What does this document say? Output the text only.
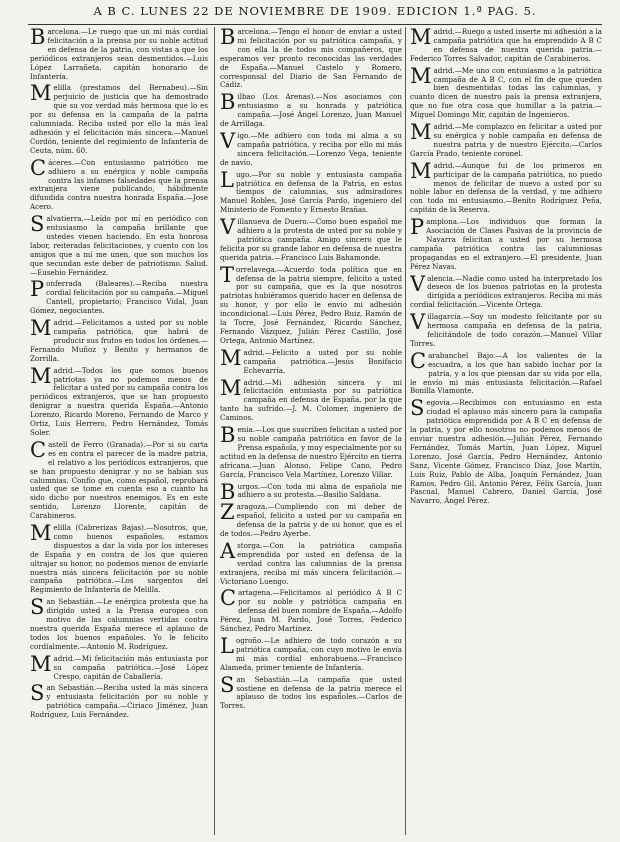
A B C. LUNES 22 DE NOVIEMBRE DE 1909. EDICION 1.ª PAG. 5.
Barcelona.—Le ruego que un mi más cordial felicitación a la prensa por su noble actitud en defensa de la patria, con vistas a que los periódicos extranjeros sean desmentidos.—Luis López Larrañeta, capitán honorario de Infantería.
Melilla (prestamos del Bernabeu).—Sin perjuicio de justicia que ha demostrado que su voz verdad más hermosa que lo es por su defensa en la campaña de la patria calumniada. Reciba usted por ello la más leal adhesión y el felicitación más sincera.—Manuel Cordón, teniente del regimiento de Infantería de Ceuta, núm. 60.
Cáceres.—Con entusiasmo patriótico me adhiero a su enérgica y noble campaña contra las infames falsedades que la prensa extranjera viene publicando, hábilmente difundida contra nuestra honrada España.—Jose Acero.
Salvatierra.—Leído por mí en periódico con entusiasmo la campaña brillante que ustedes vienen haciendo. En esta honrosa labor, reiteradas felicitaciones, y cuento con los amigos que a mí me unen, que son muchos los que secundan este deber de patriotismo. Salud.—Eusebio Fernández.
Ponferrada (Baleares).—Reciba nuestra cordial felicitación por su campaña.—Miguel Cantell, propietario; Francisco Vidal, Juan Gómez, negociantes.
Madrid.—Felicitamos a usted por su noble campaña patriótica, que habrá de producir sus frutos en todos los órdenes.—Fernando Muñoz y Benito y hermanos de Zorrilla.
Madrid.—Todos los que somos buenos patriotas ya no podemos menos de felicitar a usted por su campaña contra los periódicos extranjeros, que se han propuesto denigrar a nuestra querida España.—Antonio Lorenzo, Ricardo Moreno, Fernando de Marco y Ortiz, Luis Herrero, Pedro Hernández, Tomás Soler.
Castell de Ferro (Granada).—Por si su carta es en contra el parecer de la madre patria, el relativo a los periódicos extranjeros, que se han propuesto denigrar y no se habían sus calumnias. Confío que, como español, reprobará usted que se tome en cuenta eso a cuanto ha sido dicho por nuestros enemigos. Es en este sentido, Lorenzo Llorente, capitán de Carabineros.
Melilla (Cabrerizas Bajas).—Nosotros, que, como buenos españoles, estamos dispuestos a dar la vida por los intereses de España y en contra de los que quieren ultrajar su honor, no podemos menos de enviarle nuestra más sincera felicitación por su noble campaña patriótica.—Los sargentos del Regimiento de Infantería de Melilla.
San Sebastián.—Le enérgica protesta que ha dirigido usted a la Prensa europea con motivo de las calumnias vertidas contra nuestra querida España merece el aplauso de todos los buenos españoles. Yo le felicito cordialmente.—Antonio M. Rodríguez.
Madrid.—Mi felicitación más entusiasta por su campaña patriótica.—José López Crespo, capitán de Caballería.
San Sebastián.—Reciba usted la más sincera y entusiasta felicitación por su noble y patriótica campaña.—Ciriaco Jiménez, Juan Rodríguez, Luis Fernández.
Barcelona.—Tengo el honor de enviar a usted mi felicitación por su patriótica campaña, y con ella la de todos mis compañeros, que esperamos ver pronto reconocidas las verdades de España.—Manuel Castelo y Romero, corresponsal del Diario de San Fernando de Cádiz.
Bilbao (Los Arenas).—Nos asociamos con entusiasmo a su honrada y patriótica campaña.—José Ángel Lorenzo, Juan Manuel de Arrillaga.
Vigo.—Me adhiero con toda mi alma a su campaña patriótica, y reciba por ello mi más sincera felicitación.—Lorenzo Vega, teniente de navío.
Lugo.—Por su noble y entusiasta campaña patriótica en defensa de la Patria, en estos tiempos de calumnias, sus admiradores Manuel Robles, José García Pardo, ingeniero del Ministerio de Fomento y Ernesto Brañas.
Villanueva de Duero.—Como buen español me adhiero a la protesta de usted por su noble y patriótica campaña. Amigo sincero que le felicita por su grande labor en defensa de nuestra querida patria.—Francisco Luis Bahamonde.
Torrelavega.—Acuerdo toda política que en defensa de la patria siempre, felicito a usted por su campaña, que es la que nosotros patriotas hubiéramos querido hacer en defensa de su honor, y por ello le envío mi adhesión incondicional.—Luis Pérez, Pedro Ruiz, Ramón de la Torre, José Fernández, Ricardo Sánchez, Fernando Vázquez, Julián Pérez Castillo, José Ortega, Antonio Martínez.
Madrid.—Felicito a usted por su noble campaña patriótica.—Jesús Bonifacio Echevarría.
Madrid.—Mi adhesión sincera y mi felicitación entusiasta por su patriótica campaña en defensa de España, por la que tanto ha sufrido.—J. M. Colomer, ingeniero de Caminos.
Benia.—Los que suscriben felicitan a usted por su noble campaña patriótica en favor de la Prensa española, y muy especialmente por su actitud en la defensa de nuestro Ejército en tierra africana.—Juan Alonso, Felipe Cano, Pedro García, Francisco Vela Martínez, Lorenzo Villar.
Burgos.—Con toda mi alma de española me adhiero a su protesta.—Basilio Saldana.
Zaragoza.—Cumpliendo con mi deber de español, felicito a usted por su campaña en defensa de la patria y de su honor, que es el de todos.—Pedro Ayerbe.
Astorga.—Con la patriótica campaña emprendida por usted en defensa de la verdad contra las calumnias de la prensa extranjera, reciba mi más sincera felicitación.—Victoriano Luengo.
Cartagena.—Felicitamos al periódico A B C por su noble y patriótica campaña en defensa del buen nombre de España.—Adolfo Pérez, Juan M. Pardo, José Torres, Federico Sánchez, Pedro Martínez.
Logroño.—Le adhiero de todo corazón a su patriótica campaña, con cuyo motivo le envía mi más cordial enhorabuena.—Francisco Alameda, primer teniente de Infantería.
San Sebastián.—La campaña que usted sostiene en defensa de la patria merece el aplauso de todos los españoles.—Carlos de Torres.
Madrid.—Ruego a usted inserte mi adhesión a la campaña patriótica que ha emprendido A B C en defensa de nuestra querida patria.—Federico Torres Salvador, capitán de Carabineros.
Madrid.—Me uno con entusiasmo a la patriótica campaña de A B C, con el fin de que queden bien desmentidas todas las calumnias, y cuanto dicen de nuestro país la prensa extranjera, que no fue otra cosa que humillar a la patria.—Miguel Domingo Mir, capitán de Ingenieros.
Madrid.—Me complazco en felicitar a usted por su enérgica y noble campaña en defensa de nuestra patria y de nuestro Ejército.—Carlos García Prado, teniente coronel.
Madrid.—Aunque fui de los primeros en participar de la campaña patriótica, no puedo menos de felicitar de nuevo a usted por su noble labor en defensa de la verdad, y me adhiero con todo mi entusiasmo.—Benito Rodríguez Peña, capitán de la Reserva.
Pamplona.—Los individuos que forman la Asociación de Clases Pasivas de la provincia de Navarra felicitan a usted por su hermosa campaña patriótica contra las calumniosas propagandas en el extranjero.—El presidente, Juan Pérez Navas.
Valencia.—Nadie como usted ha interpretado los deseos de los buenos patriotas en la protesta dirigida a periódicos extranjeros. Reciba mi más cordial felicitación.—Vicente Ortega.
Villagarcía.—Soy un modesto felicitante por su hermosa campaña en defensa de la patria, felicitándole de todo corazón.—Manuel Villar Torres.
Carabanchel Bajo.—A los valientes de la escuadra, a los que han sabido luchar por la patria, y a los que piensan dar su vida por ella, le envío mi más entusiasta felicitación.—Rafael Bonilla Viamonte.
Segovia.—Recibimos con entusiasmo en esta ciudad el aplauso más sincero para la campaña patriótica emprendida por A B C en defensa de la patria, y por ello nosotros no podemos menos de enviar nuestra adhesión.—Julián Pérez, Fernando Fernández, Tomás Martín, Juan López, Miguel Lorenzo, José García, Pedro Hernández, Antonio Sanz, Vicente Gómez, Francisco Díaz, Jose Martín, Luis Ruiz, Pablo de Alba, Joaquín Fernández, Juan Ramos, Pedro Gil, Antonio Pérez, Félix García, Juan Pascual, Manuel Cabrero, Daniel García, José Navarro, Ángel Pérez.
